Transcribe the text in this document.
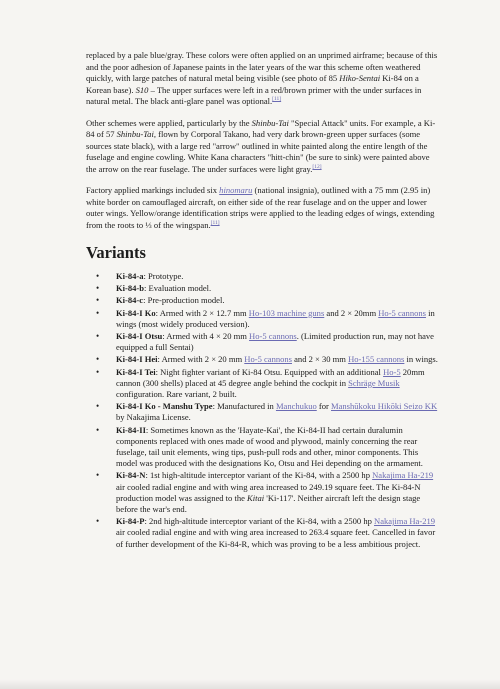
replaced by a pale blue/gray. These colors were often applied on an unprimed airframe; because of this and the poor adhesion of Japanese paints in the later years of the war this scheme often weathered quickly, with large patches of natural metal being visible (see photo of 85 Hiko-Sentai Ki-84 on a Korean base). S10 – The upper surfaces were left in a red/brown primer with the under surfaces in natural metal. The black anti-glare panel was optional.[11]

Other schemes were applied, particularly by the Shinbu-Tai "Special Attack" units. For example, a Ki-84 of 57 Shinbu-Tai, flown by Corporal Takano, had very dark brown-green upper surfaces (some sources state black), with a large red "arrow" outlined in white painted along the entire length of the fuselage and engine cowling. White Kana characters "hitt-chin" (be sure to sink) were painted above the arrow on the rear fuselage. The under surfaces were light gray.[12]

Factory applied markings included six hinomaru (national insignia), outlined with a 75 mm (2.95 in) white border on camouflaged aircraft, on either side of the rear fuselage and on the upper and lower outer wings. Yellow/orange identification strips were applied to the leading edges of wings, extending from the roots to ⅓ of the wingspan.[11]

Variants
• Ki-84-a: Prototype.
• Ki-84-b: Evaluation model.
• Ki-84-c: Pre-production model.
• Ki-84-I Ko: Armed with 2 × 12.7 mm Ho-103 machine guns and 2 × 20mm Ho-5 cannons in wings (most widely produced version).
• Ki-84-I Otsu: Armed with 4 × 20 mm Ho-5 cannons. (Limited production run, may not have equipped a full Sentai)
• Ki-84-I Hei: Armed with 2 × 20 mm Ho-5 cannons and 2 × 30 mm Ho-155 cannons in wings.
• Ki-84-I Tei: Night fighter variant of Ki-84 Otsu. Equipped with an additional Ho-5 20mm cannon (300 shells) placed at 45 degree angle behind the cockpit in Schräge Musik configuration. Rare variant, 2 built.
• Ki-84-I Ko - Manshu Type: Manufactured in Manchukuo for Manshūkoku Hikōki Seizo KK by Nakajima License.
• Ki-84-II: Sometimes known as the 'Hayate-Kai', the Ki-84-II had certain duralumin components replaced with ones made of wood and plywood, mainly concerning the rear fuselage, tail unit elements, wing tips, push-pull rods and other, minor components. This model was produced with the designations Ko, Otsu and Hei depending on the armament.
• Ki-84-N: 1st high-altitude interceptor variant of the Ki-84, with a 2500 hp Nakajima Ha-219 air cooled radial engine and with wing area increased to 249.19 square feet. The Ki-84-N production model was assigned to the Kitai 'Ki-117'. Neither aircraft left the design stage before the war's end.
• Ki-84-P: 2nd high-altitude interceptor variant of the Ki-84, with a 2500 hp Nakajima Ha-219 air cooled radial engine and with wing area increased to 263.4 square feet. Cancelled in favor of further development of the Ki-84-R, which was proving to be a less ambitious project.
